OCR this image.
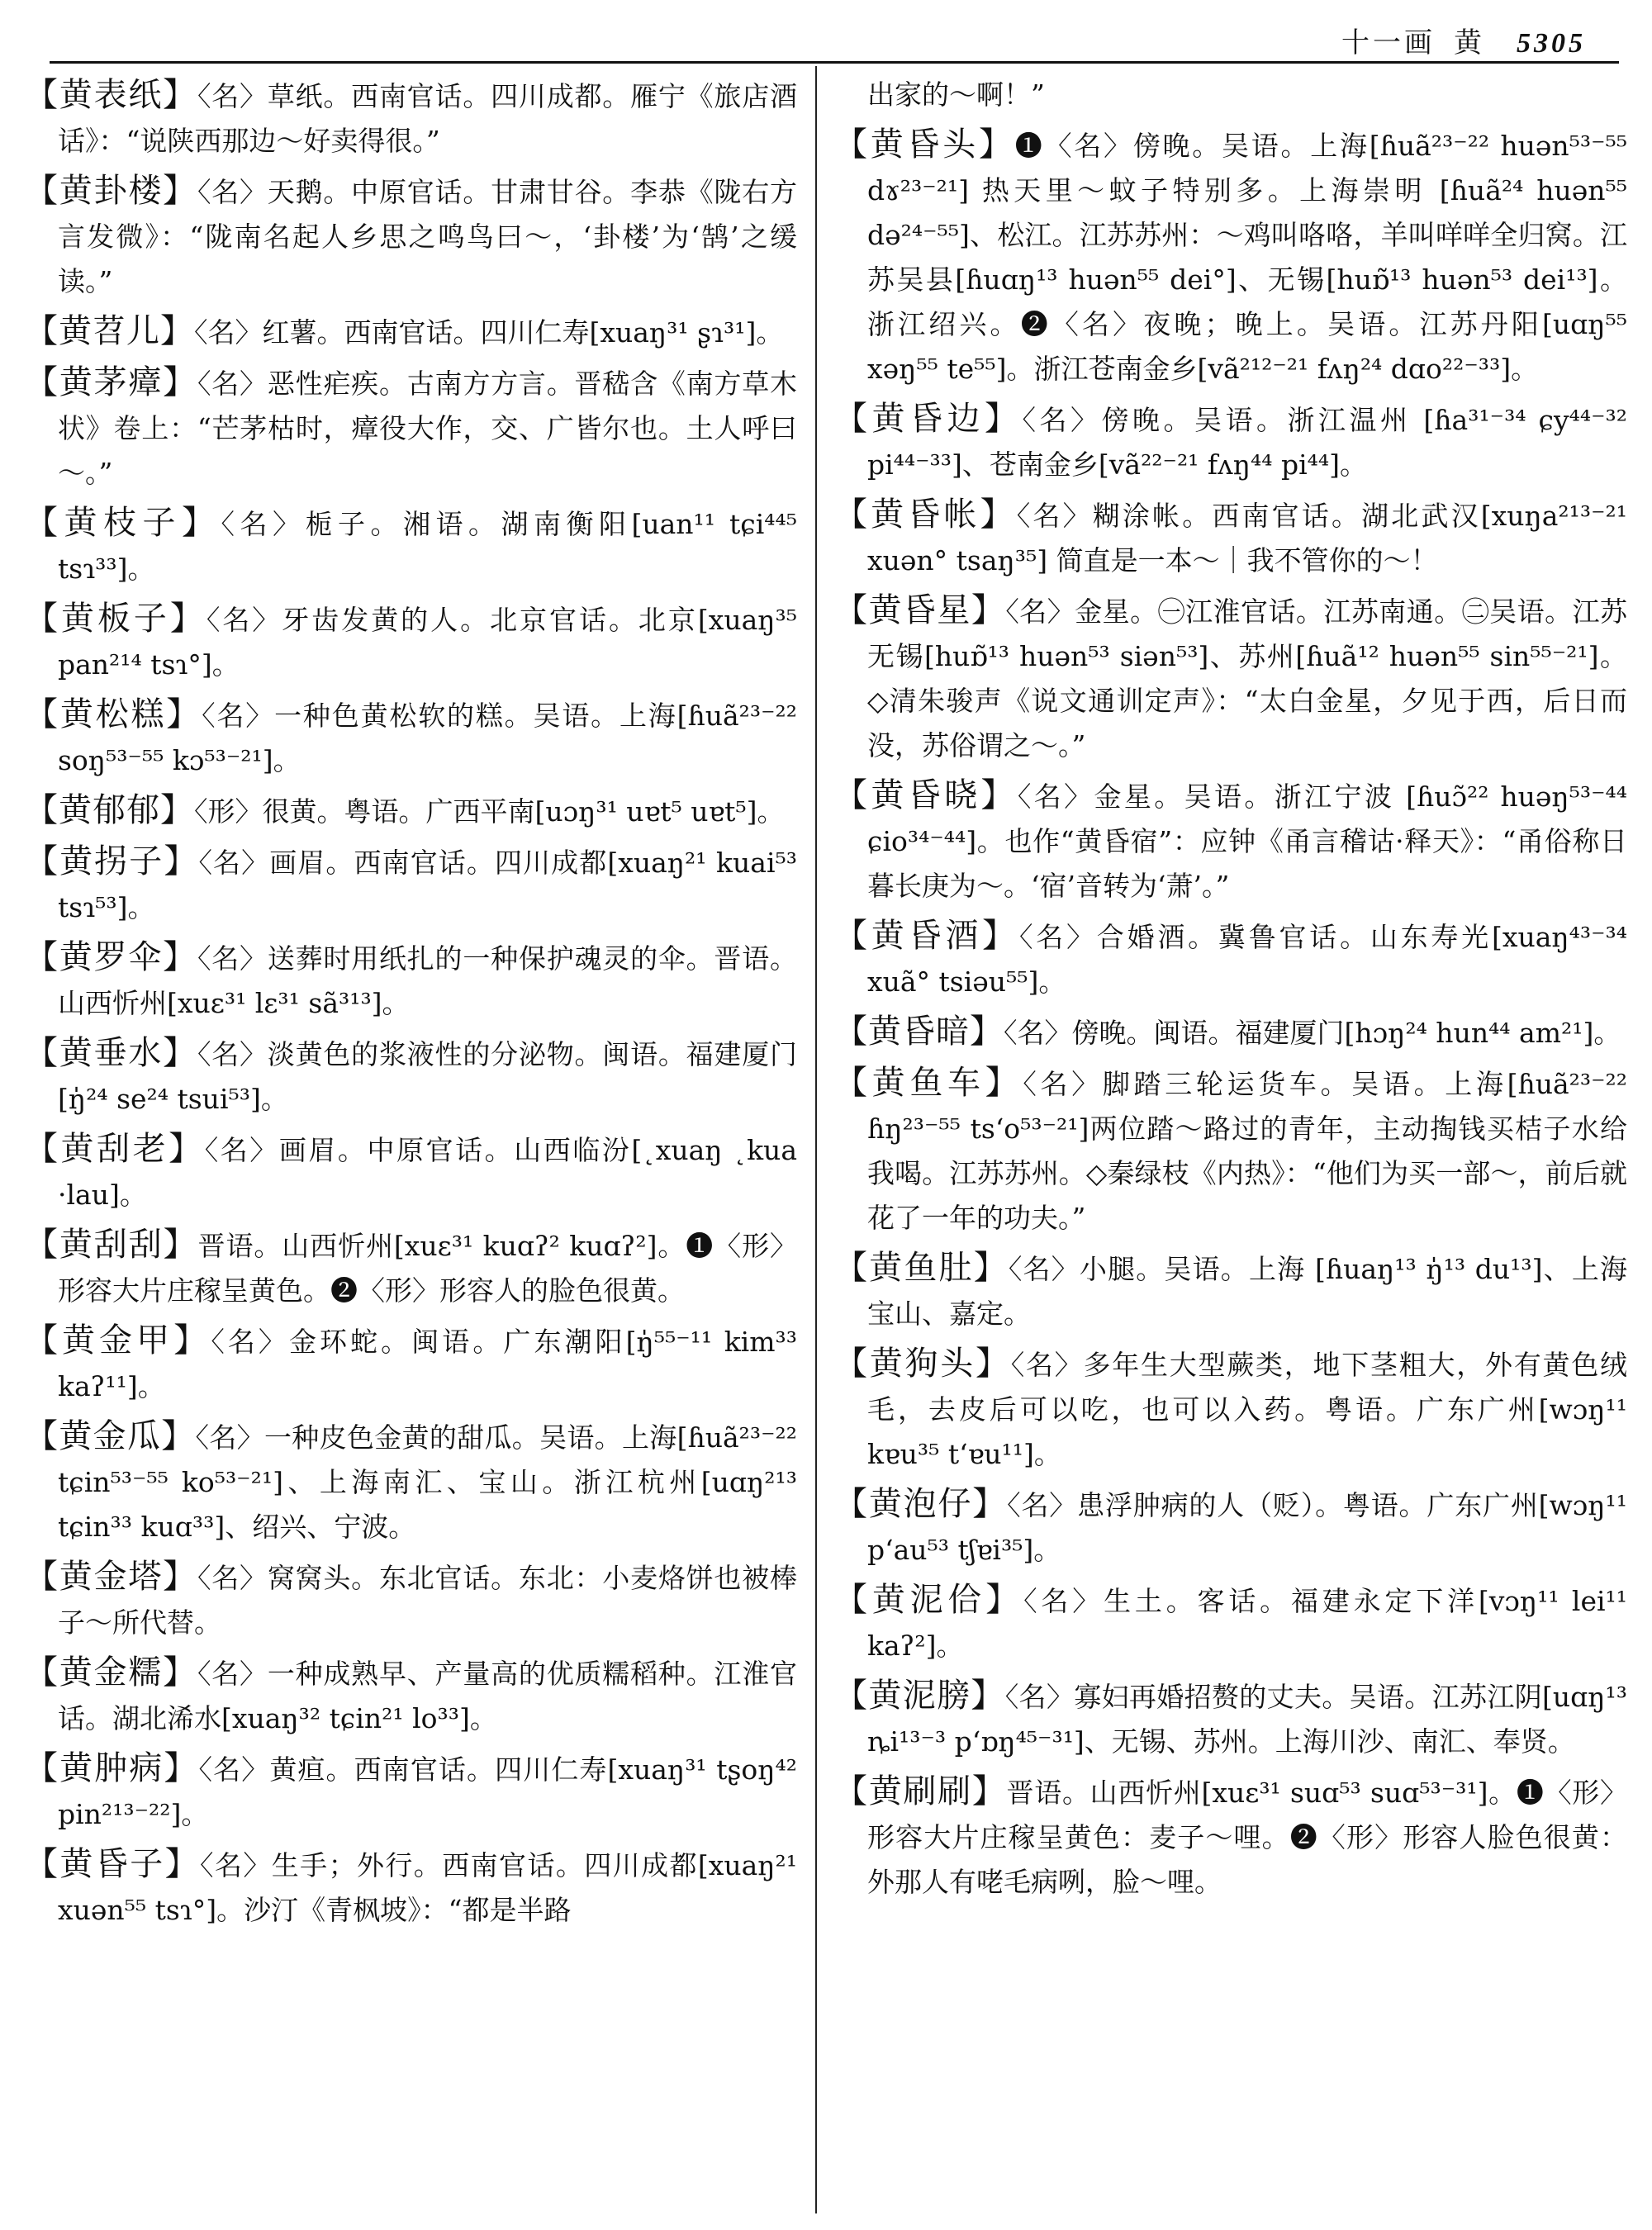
十一画 黄 5305
【黄表纸】〈名〉草纸。西南官话。四川成都。雁宁《旅店酒话》：“说陕西那边～好卖得很。”
【黄卦楼】〈名〉天鹅。中原官话。甘肃甘谷。李恭《陇右方言发微》：“陇南名起人乡思之鸣鸟曰～，‘卦楼’为‘鹄’之缓读。”
【黄苕儿】〈名〉红薯。西南官话。四川仁寿[xuaŋ³¹ ʂɿ³¹]。
【黄茅瘴】〈名〉恶性疟疾。古南方方言。晋嵇含《南方草木状》卷上：“芒茅枯时，瘴役大作，交、广皆尔也。土人呼曰～。”
【黄枝子】〈名〉栀子。湘语。湖南衡阳[uan¹¹ tɕi⁴⁴⁵ tsɿ³³]。
【黄板子】〈名〉牙齿发黄的人。北京官话。北京[xuaŋ³⁵ pan²¹⁴ tsɿ°]。
【黄松糕】〈名〉一种色黄松软的糕。吴语。上海[ɦuã²³⁻²² soŋ⁵³⁻⁵⁵ kɔ⁵³⁻²¹]。
【黄郁郁】〈形〉很黄。粤语。广西平南[uɔŋ³¹ uɐt⁵ uɐt⁵]。
【黄拐子】〈名〉画眉。西南官话。四川成都[xuaŋ²¹ kuai⁵³ tsɿ⁵³]。
【黄罗伞】〈名〉送葬时用纸扎的一种保护魂灵的伞。晋语。山西忻州[xuɛ³¹ lɛ³¹ sã³¹³]。
【黄垂水】〈名〉淡黄色的浆液性的分泌物。闽语。福建厦门[ŋ̍²⁴ se²⁴ tsui⁵³]。
【黄刮老】〈名〉画眉。中原官话。山西临汾[˛xuaŋ ˛kua ·lau]。
【黄刮刮】晋语。山西忻州[xuɛ³¹ kuɑʔ² kuɑʔ²]。❶〈形〉形容大片庄稼呈黄色。❷〈形〉形容人的脸色很黄。
【黄金甲】〈名〉金环蛇。闽语。广东潮阳[ŋ̍⁵⁵⁻¹¹ kim³³ kaʔ¹¹]。
【黄金瓜】〈名〉一种皮色金黄的甜瓜。吴语。上海[ɦuã²³⁻²² tɕin⁵³⁻⁵⁵ ko⁵³⁻²¹]、上海南汇、宝山。浙江杭州[uɑŋ²¹³ tɕin³³ kuɑ³³]、绍兴、宁波。
【黄金塔】〈名〉窝窝头。东北官话。东北：小麦烙饼也被棒子～所代替。
【黄金糯】〈名〉一种成熟早、产量高的优质糯稻种。江淮官话。湖北浠水[xuaŋ³² tɕin²¹ lo³³]。
【黄肿病】〈名〉黄疸。西南官话。四川仁寿[xuaŋ³¹ tʂoŋ⁴² pin²¹³⁻²²]。
【黄昏子】〈名〉生手；外行。西南官话。四川成都[xuaŋ²¹ xuən⁵⁵ tsɿ°]。沙汀《青枫坡》：“都是半路
出家的～啊！”
【黄昏头】❶〈名〉傍晚。吴语。上海[ɦuã²³⁻²² huən⁵³⁻⁵⁵ dɤ²³⁻²¹] 热天里～蚊子特别多。上海崇明 [ɦuã²⁴ huən⁵⁵ də²⁴⁻⁵⁵]、松江。江苏苏州：～鸡叫咯咯，羊叫咩咩全归窝。江苏吴县[ɦuɑŋ¹³ huən⁵⁵ dei°]、无锡[huɒ̃¹³ huən⁵³ dei¹³]。浙江绍兴。❷〈名〉夜晚；晚上。吴语。江苏丹阳[uɑŋ⁵⁵ xəŋ⁵⁵ te⁵⁵]。浙江苍南金乡[vã²¹²⁻²¹ fʌŋ²⁴ dɑo²²⁻³³]。
【黄昏边】〈名〉傍晚。吴语。浙江温州 [ɦa³¹⁻³⁴ ɕy⁴⁴⁻³² pi⁴⁴⁻³³]、苍南金乡[vã²²⁻²¹ fʌŋ⁴⁴ pi⁴⁴]。
【黄昏帐】〈名〉糊涂帐。西南官话。湖北武汉[xuŋa²¹³⁻²¹ xuən° tsaŋ³⁵] 简直是一本～｜我不管你的～！
【黄昏星】〈名〉金星。㊀江淮官话。江苏南通。㊁吴语。江苏无锡[huɒ̃¹³ huən⁵³ siən⁵³]、苏州[ɦuã¹² huən⁵⁵ sin⁵⁵⁻²¹]。◇清朱骏声《说文通训定声》：“太白金星，夕见于西，后日而没，苏俗谓之～。”
【黄昏晓】〈名〉金星。吴语。浙江宁波 [ɦuɔ̃²² huəŋ⁵³⁻⁴⁴ ɕio³⁴⁻⁴⁴]。也作“黄昏宿”：应钟《甬言稽诂·释天》：“甬俗称日暮长庚为～。‘宿’音转为‘萧’。”
【黄昏酒】〈名〉合婚酒。冀鲁官话。山东寿光[xuaŋ⁴³⁻³⁴ xuã° tsiəu⁵⁵]。
【黄昏暗】〈名〉傍晚。闽语。福建厦门[hɔŋ²⁴ hun⁴⁴ am²¹]。
【黄鱼车】〈名〉脚踏三轮运货车。吴语。上海[ɦuã²³⁻²² ɦŋ²³⁻⁵⁵ ts‘o⁵³⁻²¹]两位踏～路过的青年，主动掏钱买桔子水给我喝。江苏苏州。◇秦绿枝《内热》：“他们为买一部～，前后就花了一年的功夫。”
【黄鱼肚】〈名〉小腿。吴语。上海 [ɦuaŋ¹³ ŋ̍¹³ du¹³]、上海宝山、嘉定。
【黄狗头】〈名〉多年生大型蕨类，地下茎粗大，外有黄色绒毛，去皮后可以吃，也可以入药。粤语。广东广州[wɔŋ¹¹ kɐu³⁵ t‘ɐu¹¹]。
【黄泡仔】〈名〉患浮肿病的人（贬）。粤语。广东广州[wɔŋ¹¹ p‘au⁵³ tʃɐi³⁵]。
【黄泥佮】〈名〉生土。客话。福建永定下洋[vɔŋ¹¹ lei¹¹ kaʔ²]。
【黄泥膀】〈名〉寡妇再婚招赘的丈夫。吴语。江苏江阴[uɑŋ¹³ ȵi¹³⁻³ p‘ɒŋ⁴⁵⁻³¹]、无锡、苏州。上海川沙、南汇、奉贤。
【黄刷刷】晋语。山西忻州[xuɛ³¹ suɑ⁵³ suɑ⁵³⁻³¹]。❶〈形〉形容大片庄稼呈黄色：麦子～哩。❷〈形〉形容人脸色很黄：外那人有咾毛病咧，脸～哩。
